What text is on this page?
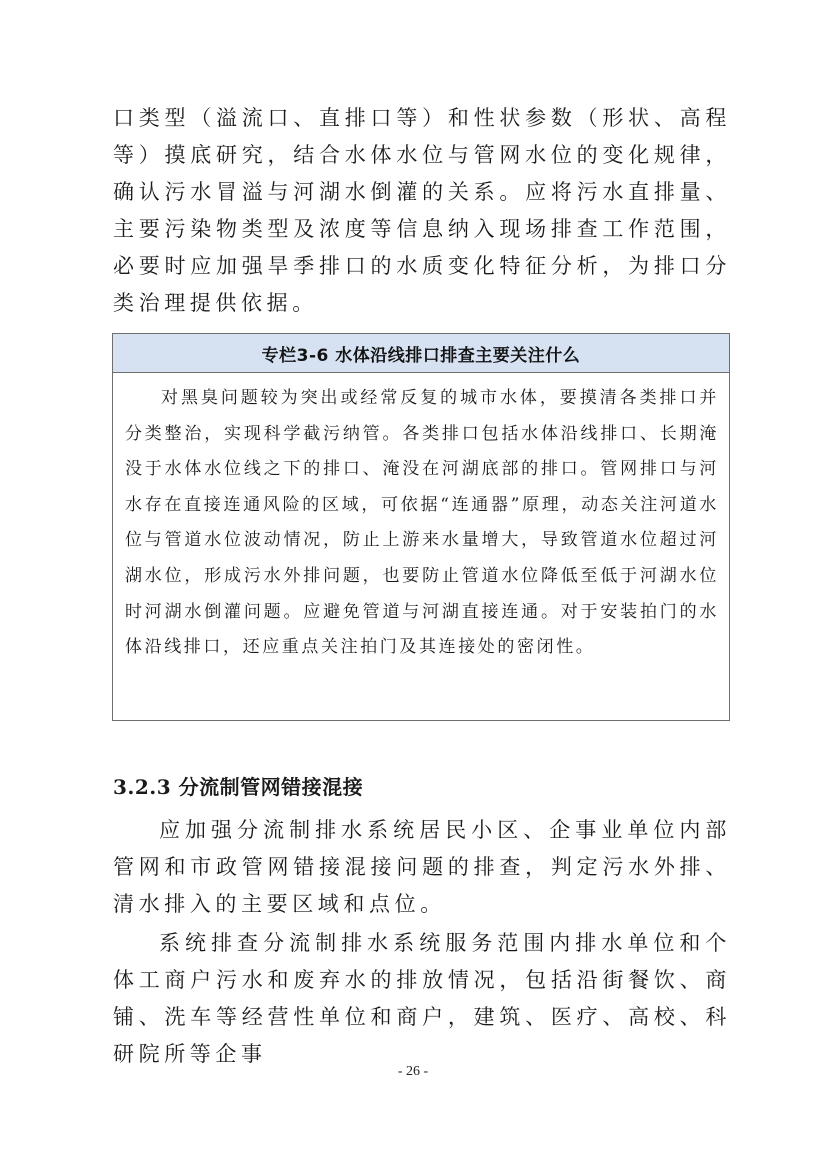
口类型（溢流口、直排口等）和性状参数（形状、高程等）摸底研究，结合水体水位与管网水位的变化规律，确认污水冒溢与河湖水倒灌的关系。应将污水直排量、主要污染物类型及浓度等信息纳入现场排查工作范围，必要时应加强旱季排口的水质变化特征分析，为排口分类治理提供依据。

专栏3-6 水体沿线排口排查主要关注什么
对黑臭问题较为突出或经常反复的城市水体，要摸清各类排口并分类整治，实现科学截污纳管。各类排口包括水体沿线排口、长期淹没于水体水位线之下的排口、淹没在河湖底部的排口。管网排口与河水存在直接连通风险的区域，可依据“连通器”原理，动态关注河道水位与管道水位波动情况，防止上游来水量增大，导致管道水位超过河湖水位，形成污水外排问题，也要防止管道水位降低至低于河湖水位时河湖水倒灌问题。应避免管道与河湖直接连通。对于安装拍门的水体沿线排口，还应重点关注拍门及其连接处的密闭性。
3.2.3 分流制管网错接混接

应加强分流制排水系统居民小区、企事业单位内部管网和市政管网错接混接问题的排查，判定污水外排、清水排入的主要区域和点位。

系统排查分流制排水系统服务范围内排水单位和个体工商户污水和废弃水的排放情况，包括沿街餐饮、商铺、洗车等经营性单位和商户，建筑、医疗、高校、科研院所等企事

- 26 -
